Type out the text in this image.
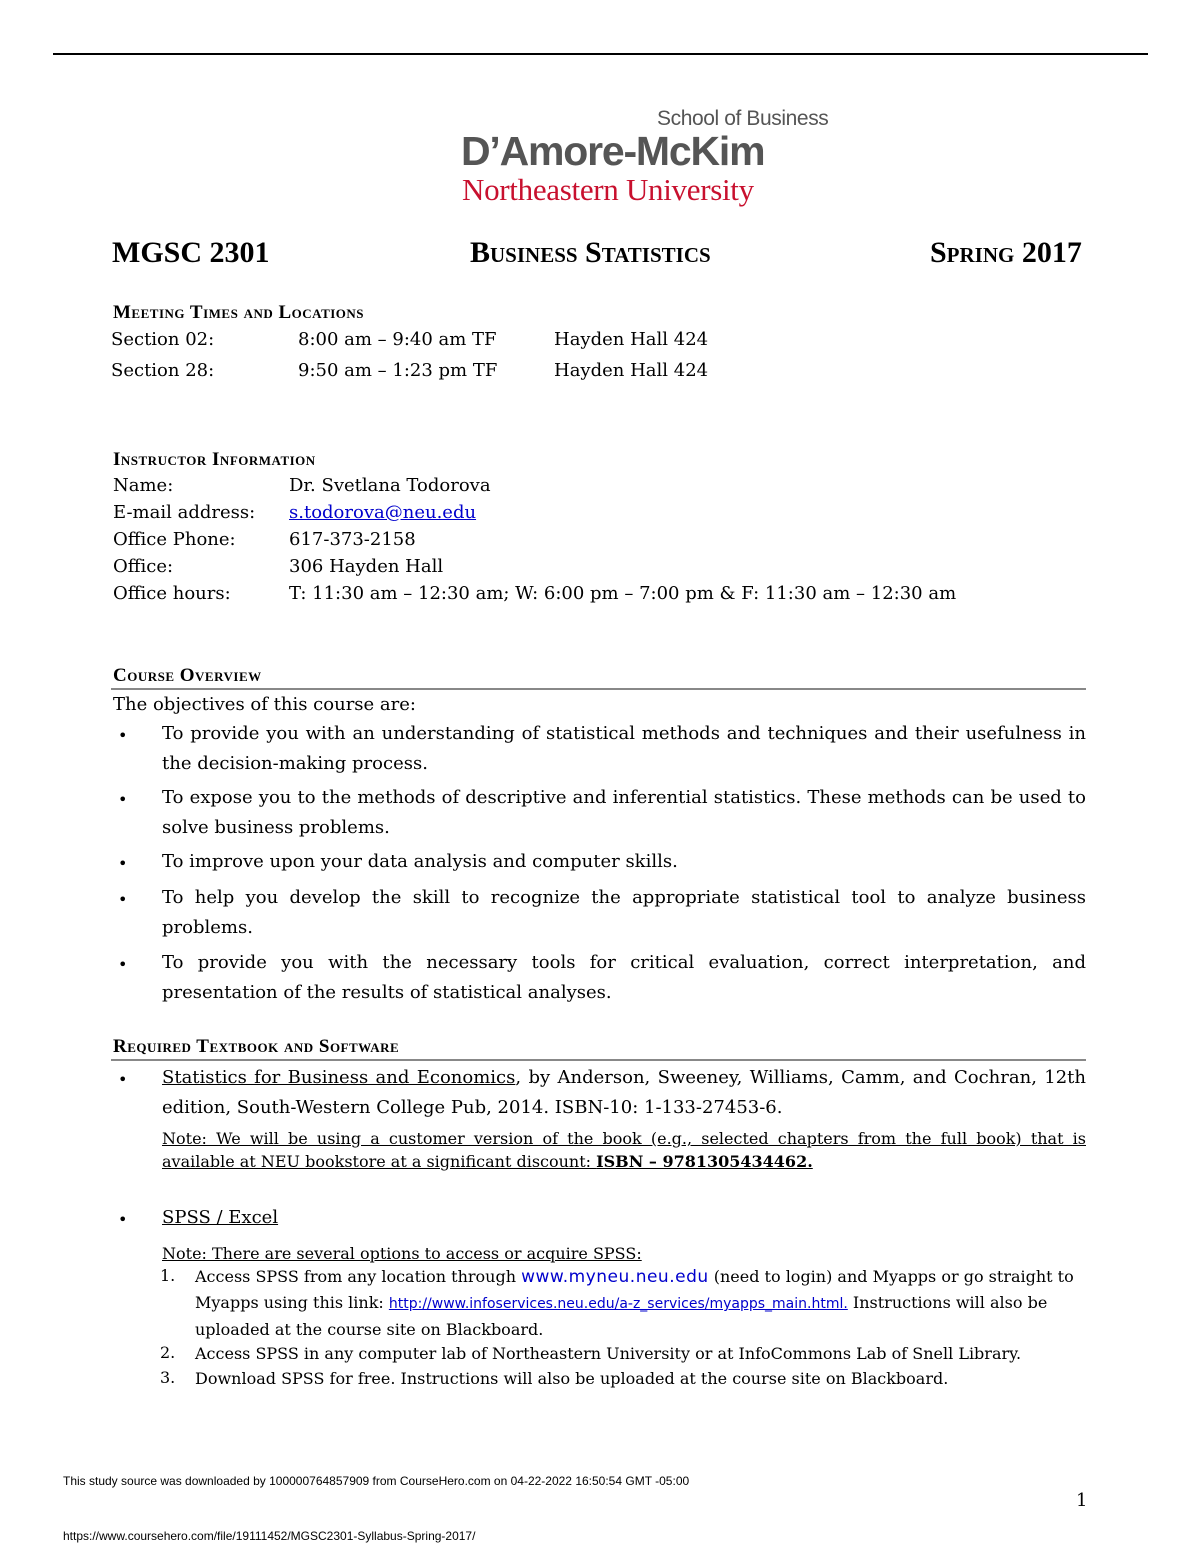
School of Business
D’Amore-McKim
Northeastern University
MGSC 2301	Business Statistics	Spring 2017
Meeting Times and Locations
Section 02:	8:00 am – 9:40 am TF	Hayden Hall 424
Section 28:	9:50 am – 1:23 pm TF	Hayden Hall 424
Instructor Information
Name:	Dr. Svetlana Todorova
E-mail address: s.todorova@neu.edu
Office Phone:	617-373-2158
Office:	306 Hayden Hall
Office hours:	T: 11:30 am – 12:30 am; W: 6:00 pm – 7:00 pm & F: 11:30 am – 12:30 am
Course Overview
The objectives of this course are:
• To provide you with an understanding of statistical methods and techniques and their usefulness in the decision-making process.
• To expose you to the methods of descriptive and inferential statistics. These methods can be used to solve business problems.
• To improve upon your data analysis and computer skills.
• To help you develop the skill to recognize the appropriate statistical tool to analyze business problems.
• To provide you with the necessary tools for critical evaluation, correct interpretation, and presentation of the results of statistical analyses.
Required Textbook and Software
• Statistics for Business and Economics, by Anderson, Sweeney, Williams, Camm, and Cochran, 12th edition, South-Western College Pub, 2014. ISBN-10: 1-133-27453-6.
Note: We will be using a customer version of the book (e.g., selected chapters from the full book) that is available at NEU bookstore at a significant discount: ISBN – 9781305434462.
• SPSS / Excel
Note: There are several options to access or acquire SPSS:
1. Access SPSS from any location through www.myneu.neu.edu (need to login) and Myapps or go straight to Myapps using this link: http://www.infoservices.neu.edu/a-z_services/myapps_main.html. Instructions will also be uploaded at the course site on Blackboard.
2. Access SPSS in any computer lab of Northeastern University or at InfoCommons Lab of Snell Library.
3. Download SPSS for free. Instructions will also be uploaded at the course site on Blackboard.
This study source was downloaded by 100000764857909 from CourseHero.com on 04-22-2022 16:50:54 GMT -05:00
1
https://www.coursehero.com/file/19111452/MGSC2301-Syllabus-Spring-2017/
